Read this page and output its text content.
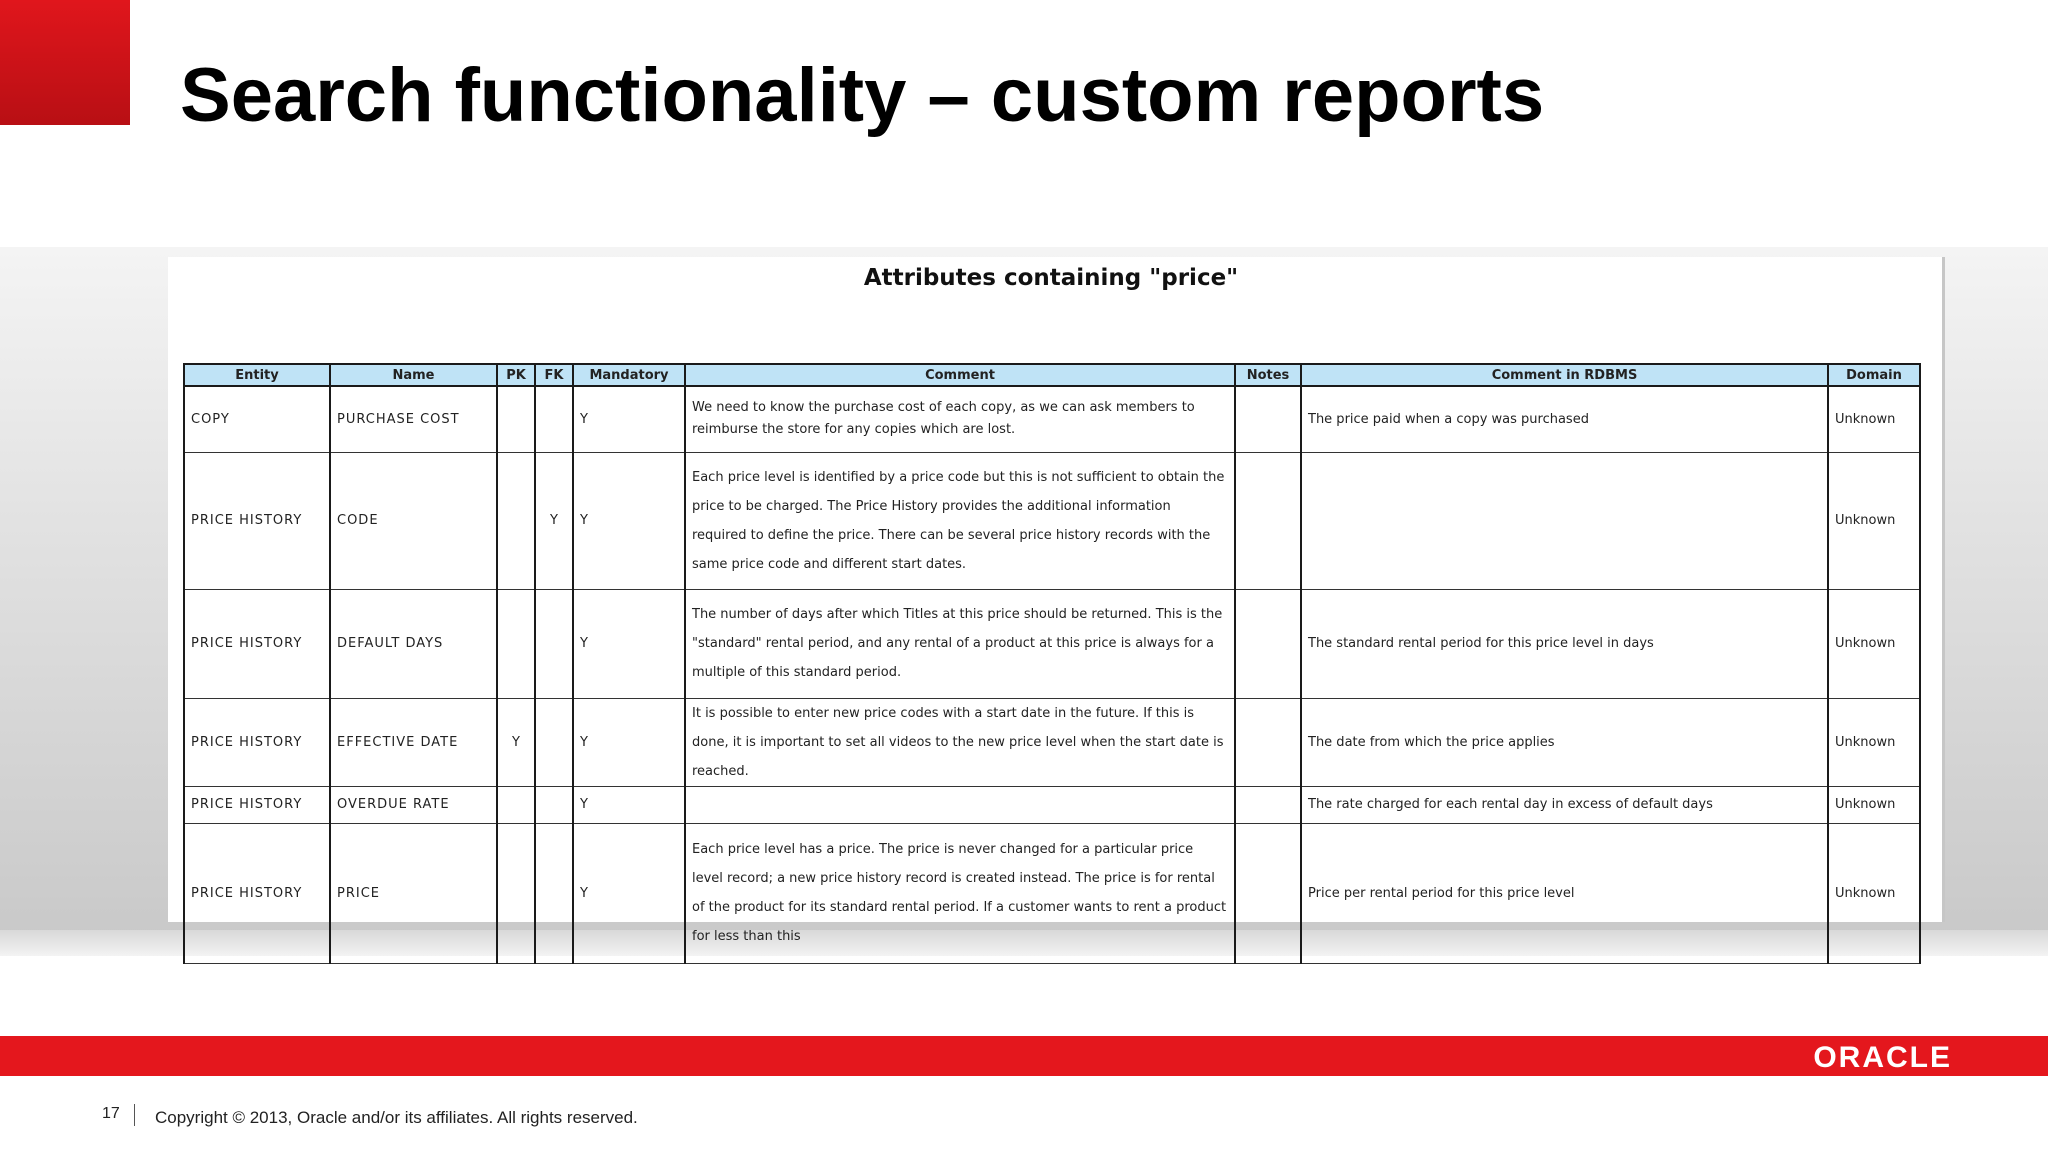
Search functionality – custom reports
Attributes containing "price"
Entity	Name	PK	FK	Mandatory	Comment	Notes	Comment in RDBMS	Domain
COPY	PURCHASE COST			Y	We need to know the purchase cost of each copy, as we can ask members to reimburse the store for any copies which are lost.		The price paid when a copy was purchased	Unknown
PRICE HISTORY	CODE		Y	Y	Each price level is identified by a price code but this is not sufficient to obtain the price to be charged. The Price History provides the additional information required to define the price. There can be several price history records with the same price code and different start dates.			Unknown
PRICE HISTORY	DEFAULT DAYS			Y	The number of days after which Titles at this price should be returned. This is the "standard" rental period, and any rental of a product at this price is always for a multiple of this standard period.		The standard rental period for this price level in days	Unknown
PRICE HISTORY	EFFECTIVE DATE	Y		Y	It is possible to enter new price codes with a start date in the future. If this is done, it is important to set all videos to the new price level when the start date is reached.		The date from which the price applies	Unknown
PRICE HISTORY	OVERDUE RATE			Y			The rate charged for each rental day in excess of default days	Unknown
PRICE HISTORY	PRICE			Y	Each price level has a price. The price is never changed for a particular price level record; a new price history record is created instead. The price is for rental of the product for its standard rental period. If a customer wants to rent a product for less than this		Price per rental period for this price level	Unknown
ORACLE
17 Copyright © 2013, Oracle and/or its affiliates. All rights reserved.
